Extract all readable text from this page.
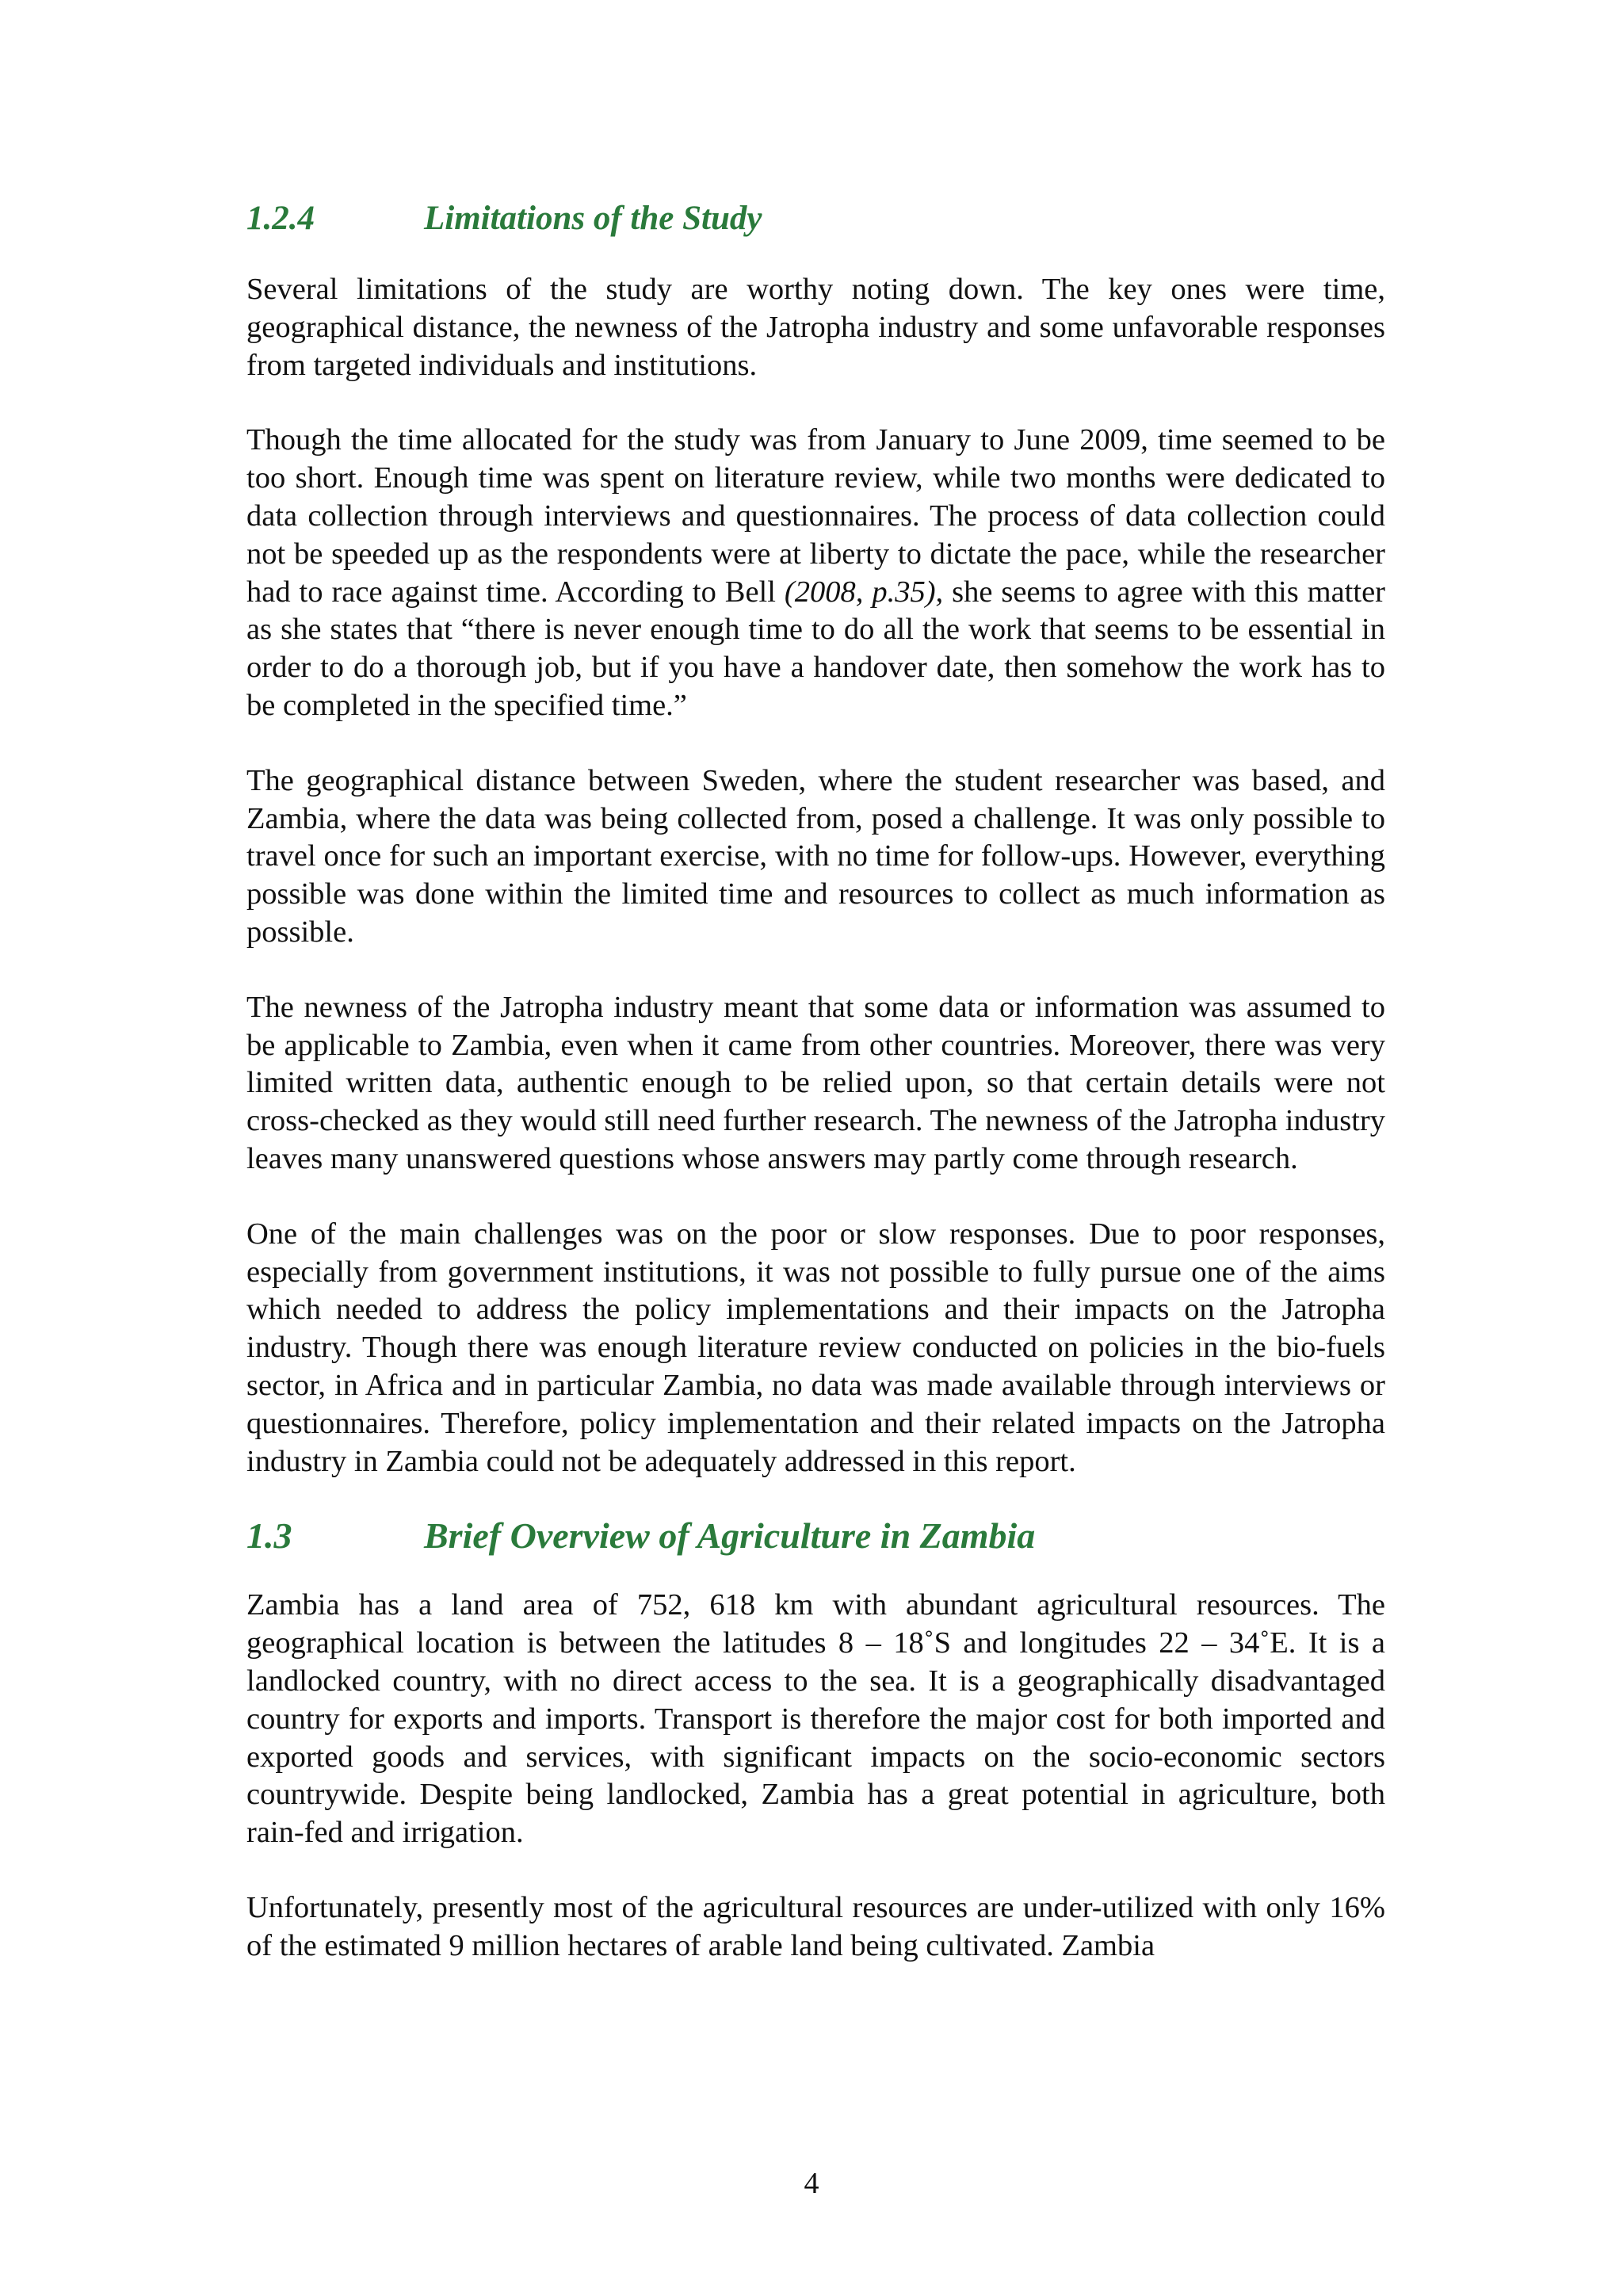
1.2.4	Limitations of the Study

Several limitations of the study are worthy noting down. The key ones were time, geographical distance, the newness of the Jatropha industry and some unfavorable responses from targeted individuals and institutions.

Though the time allocated for the study was from January to June 2009, time seemed to be too short. Enough time was spent on literature review, while two months were dedicated to data collection through interviews and questionnaires. The process of data collection could not be speeded up as the respondents were at liberty to dictate the pace, while the researcher had to race against time. According to Bell (2008, p.35), she seems to agree with this matter as she states that “there is never enough time to do all the work that seems to be essential in order to do a thorough job, but if you have a handover date, then somehow the work has to be completed in the specified time.”

The geographical distance between Sweden, where the student researcher was based, and Zambia, where the data was being collected from, posed a challenge. It was only possible to travel once for such an important exercise, with no time for follow-ups. However, everything possible was done within the limited time and resources to collect as much information as possible.

The newness of the Jatropha industry meant that some data or information was assumed to be applicable to Zambia, even when it came from other countries. Moreover, there was very limited written data, authentic enough to be relied upon, so that certain details were not cross-checked as they would still need further research. The newness of the Jatropha industry leaves many unanswered questions whose answers may partly come through research.

One of the main challenges was on the poor or slow responses. Due to poor responses, especially from government institutions, it was not possible to fully pursue one of the aims which needed to address the policy implementations and their impacts on the Jatropha industry. Though there was enough literature review conducted on policies in the bio-fuels sector, in Africa and in particular Zambia, no data was made available through interviews or questionnaires. Therefore, policy implementation and their related impacts on the Jatropha industry in Zambia could not be adequately addressed in this report.

1.3	Brief Overview of Agriculture in Zambia

Zambia has a land area of 752, 618 km with abundant agricultural resources. The geographical location is between the latitudes 8 – 18˚S and longitudes 22 – 34˚E. It is a landlocked country, with no direct access to the sea. It is a geographically disadvantaged country for exports and imports. Transport is therefore the major cost for both imported and exported goods and services, with significant impacts on the socio-economic sectors countrywide. Despite being landlocked, Zambia has a great potential in agriculture, both rain-fed and irrigation.

Unfortunately, presently most of the agricultural resources are under-utilized with only 16% of the estimated 9 million hectares of arable land being cultivated. Zambia

4
